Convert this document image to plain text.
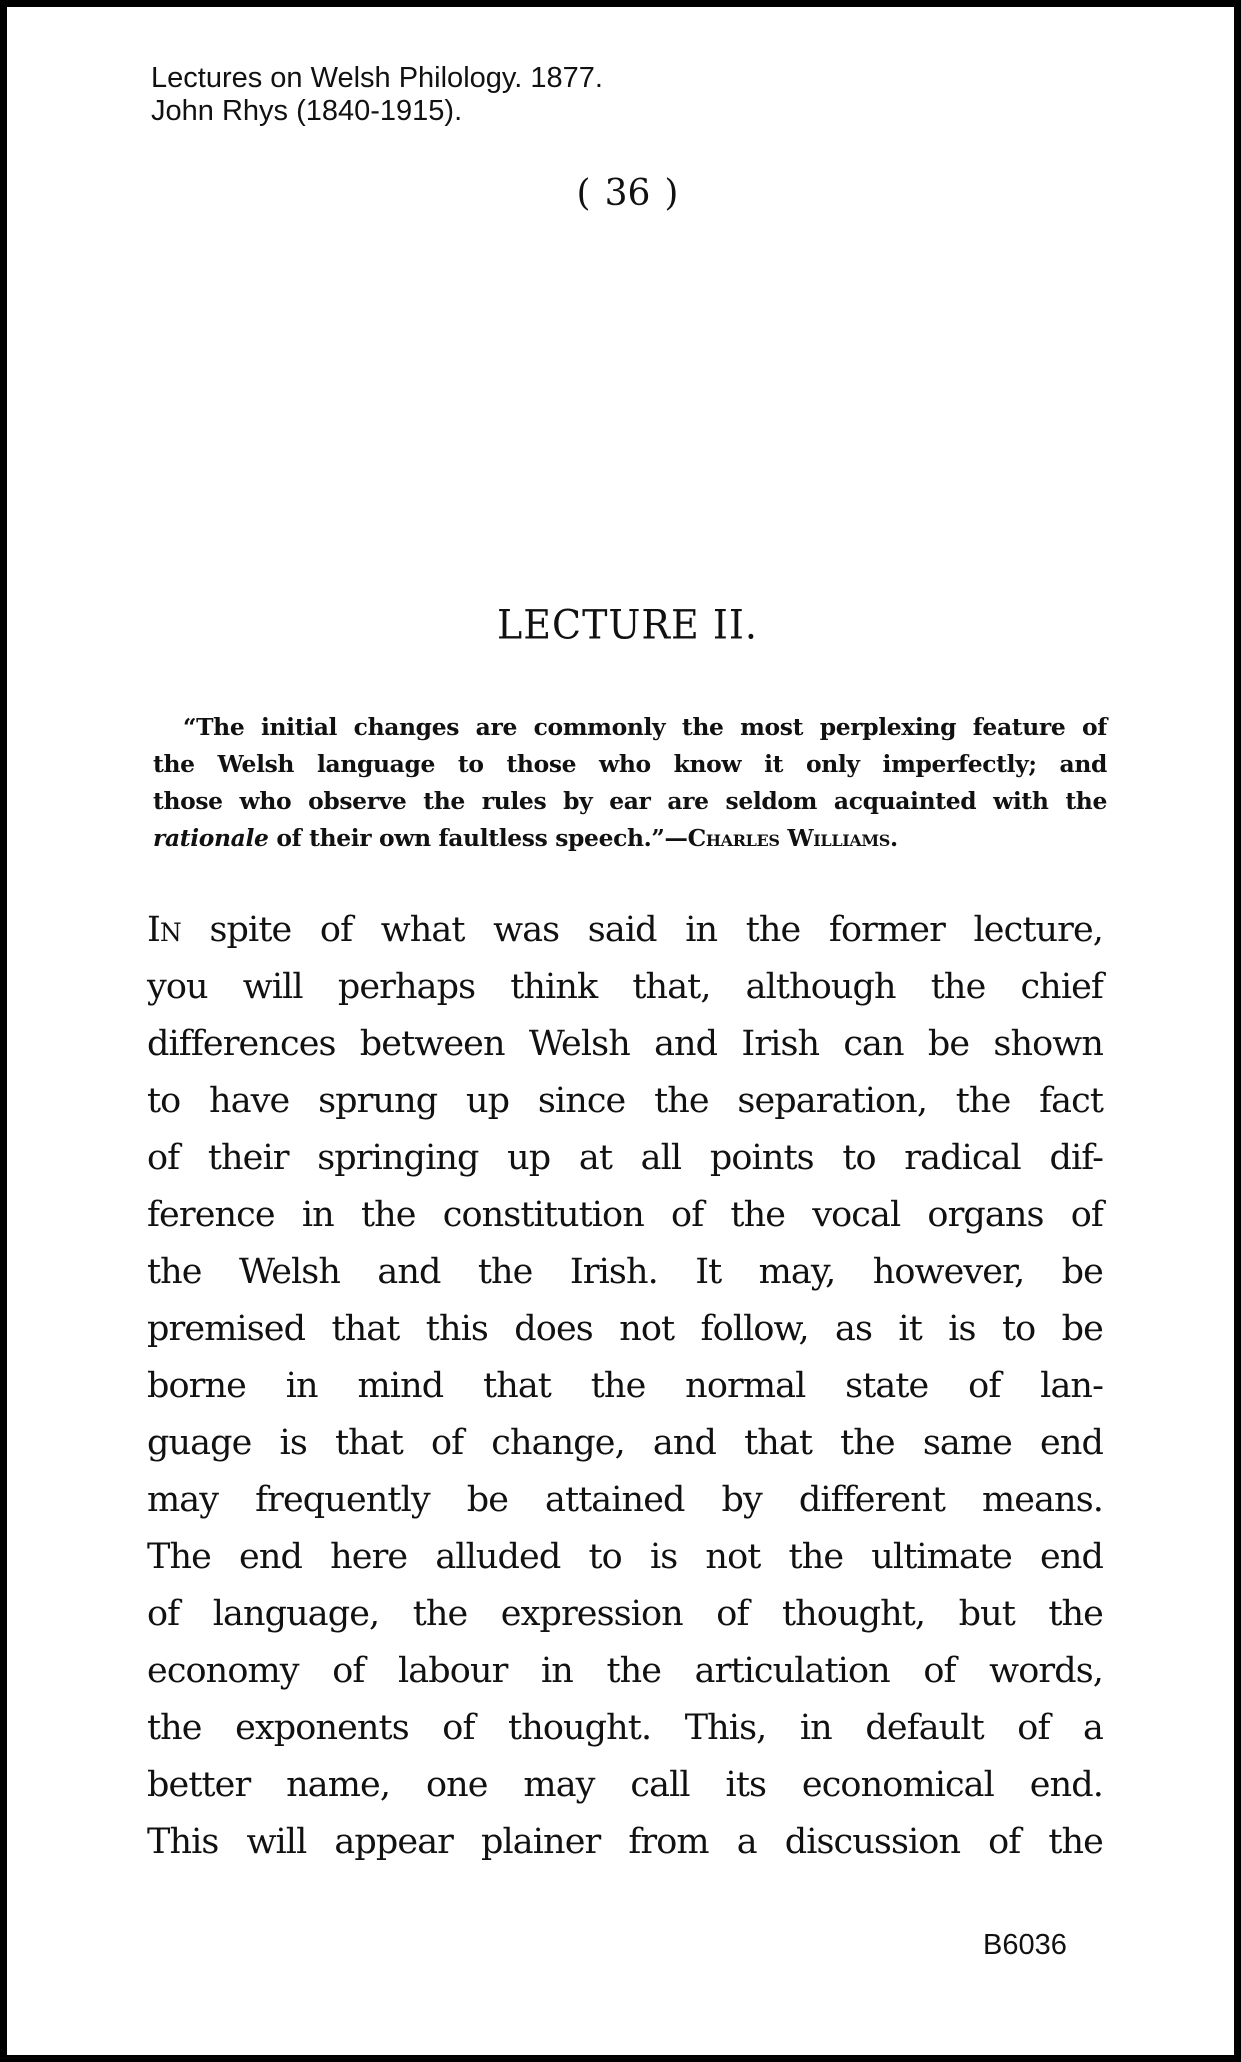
Lectures on Welsh Philology. 1877.
John Rhys (1840-1915).
( 36 )
LECTURE II.
“The initial changes are commonly the most perplexing feature of
the Welsh language to those who know it only imperfectly; and
those who observe the rules by ear are seldom acquainted with the
rationale of their own faultless speech.”—Charles Williams.
In spite of what was said in the former lecture,
you will perhaps think that, although the chief
differences between Welsh and Irish can be shown
to have sprung up since the separation, the fact
of their springing up at all points to radical dif-
ference in the constitution of the vocal organs of
the Welsh and the Irish. It may, however, be
premised that this does not follow, as it is to be
borne in mind that the normal state of lan-
guage is that of change, and that the same end
may frequently be attained by different means.
The end here alluded to is not the ultimate end
of language, the expression of thought, but the
economy of labour in the articulation of words,
the exponents of thought. This, in default of a
better name, one may call its economical end.
This will appear plainer from a discussion of the
B6036
